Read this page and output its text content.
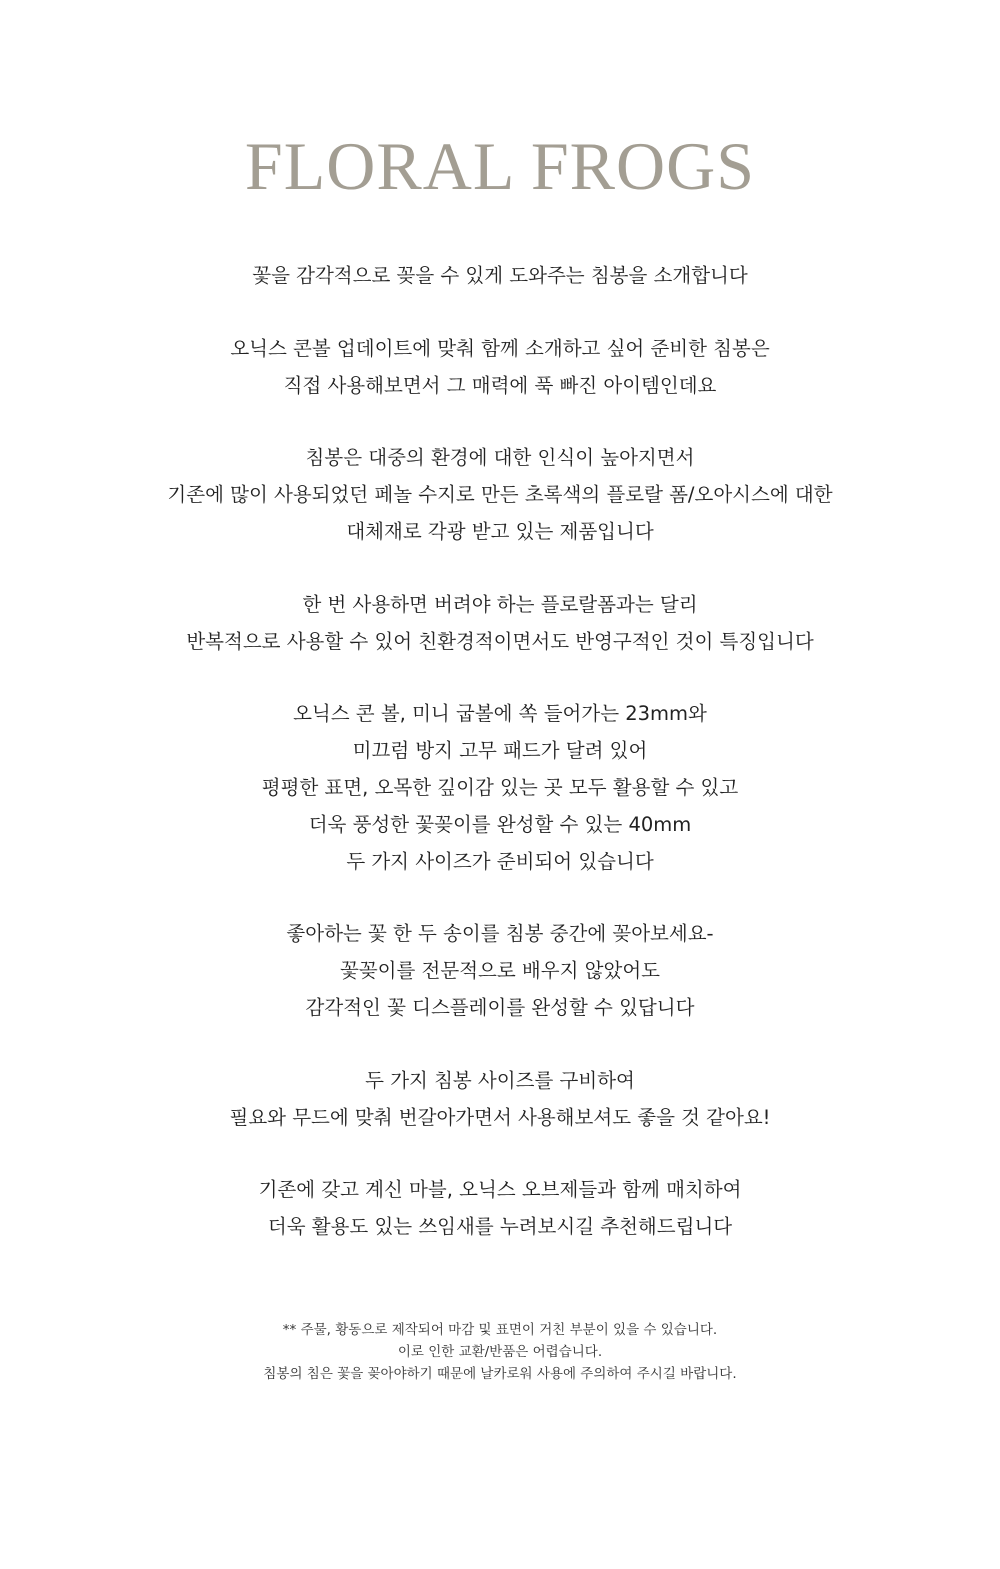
FLORAL FROGS

꽃을 감각적으로 꽂을 수 있게 도와주는 침봉을 소개합니다

오닉스 콘볼 업데이트에 맞춰 함께 소개하고 싶어 준비한 침봉은
직접 사용해보면서 그 매력에 푹 빠진 아이템인데요

침봉은 대중의 환경에 대한 인식이 높아지면서
기존에 많이 사용되었던 페놀 수지로 만든 초록색의 플로랄 폼/오아시스에 대한
대체재로 각광 받고 있는 제품입니다

한 번 사용하면 버려야 하는 플로랄폼과는 달리
반복적으로 사용할 수 있어 친환경적이면서도 반영구적인 것이 특징입니다

오닉스 콘 볼, 미니 굽볼에 쏙 들어가는 23mm와
미끄럼 방지 고무 패드가 달려 있어
평평한 표면, 오목한 깊이감 있는 곳 모두 활용할 수 있고
더욱 풍성한 꽃꽂이를 완성할 수 있는 40mm
두 가지 사이즈가 준비되어 있습니다

좋아하는 꽃 한 두 송이를 침봉 중간에 꽂아보세요-
꽃꽂이를 전문적으로 배우지 않았어도
감각적인 꽃 디스플레이를 완성할 수 있답니다

두 가지 침봉 사이즈를 구비하여
필요와 무드에 맞춰 번갈아가면서 사용해보셔도 좋을 것 같아요!

기존에 갖고 계신 마블, 오닉스 오브제들과 함께 매치하여
더욱 활용도 있는 쓰임새를 누려보시길 추천해드립니다

** 주물, 황동으로 제작되어 마감 및 표면이 거친 부분이 있을 수 있습니다.
이로 인한 교환/반품은 어렵습니다.
침봉의 침은 꽃을 꽂아야하기 때문에 날카로워 사용에 주의하여 주시길 바랍니다.
